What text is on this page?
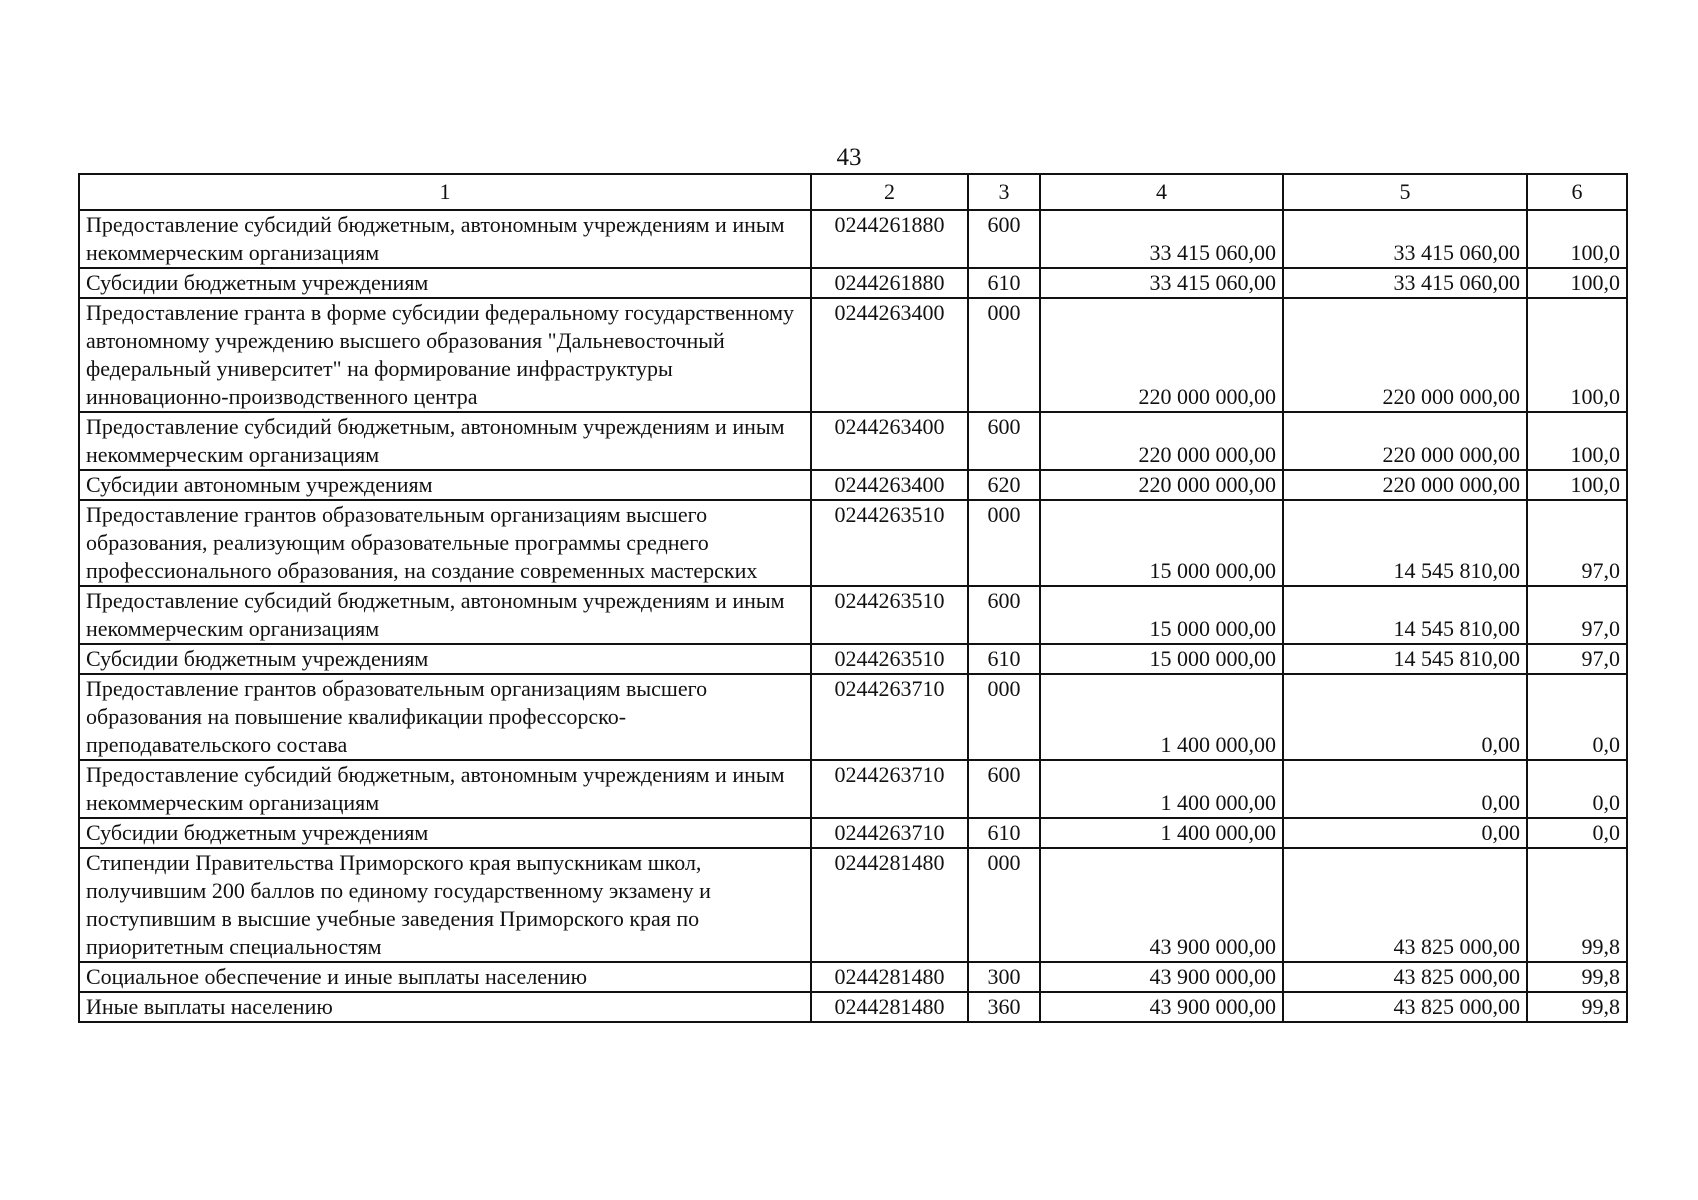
43
1	2	3	4	5	6
Предоставление субсидий бюджетным, автономным учреждениям и иным некоммерческим организациям	0244261880	600	33 415 060,00	33 415 060,00	100,0
Субсидии бюджетным учреждениям	0244261880	610	33 415 060,00	33 415 060,00	100,0
Предоставление гранта в форме субсидии федеральному государственному автономному учреждению высшего образования "Дальневосточный федеральный университет" на формирование инфраструктуры инновационно-производственного центра	0244263400	000	220 000 000,00	220 000 000,00	100,0
Предоставление субсидий бюджетным, автономным учреждениям и иным некоммерческим организациям	0244263400	600	220 000 000,00	220 000 000,00	100,0
Субсидии автономным учреждениям	0244263400	620	220 000 000,00	220 000 000,00	100,0
Предоставление грантов образовательным организациям высшего образования, реализующим образовательные программы среднего профессионального образования, на создание современных мастерских	0244263510	000	15 000 000,00	14 545 810,00	97,0
Предоставление субсидий бюджетным, автономным учреждениям и иным некоммерческим организациям	0244263510	600	15 000 000,00	14 545 810,00	97,0
Субсидии бюджетным учреждениям	0244263510	610	15 000 000,00	14 545 810,00	97,0
Предоставление грантов образовательным организациям высшего образования на повышение квалификации профессорско-преподавательского состава	0244263710	000	1 400 000,00	0,00	0,0
Предоставление субсидий бюджетным, автономным учреждениям и иным некоммерческим организациям	0244263710	600	1 400 000,00	0,00	0,0
Субсидии бюджетным учреждениям	0244263710	610	1 400 000,00	0,00	0,0
Стипендии Правительства Приморского края выпускникам школ, получившим 200 баллов по единому государственному экзамену и поступившим в высшие учебные заведения Приморского края по приоритетным специальностям	0244281480	000	43 900 000,00	43 825 000,00	99,8
Социальное обеспечение и иные выплаты населению	0244281480	300	43 900 000,00	43 825 000,00	99,8
Иные выплаты населению	0244281480	360	43 900 000,00	43 825 000,00	99,8
